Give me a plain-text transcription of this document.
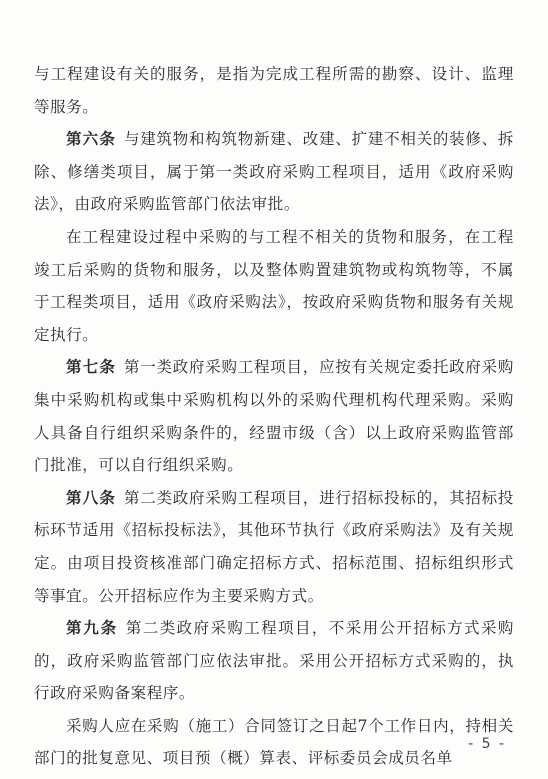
与工程建设有关的服务，是指为完成工程所需的勘察、设计、监理等服务。

第六条 与建筑物和构筑物新建、改建、扩建不相关的装修、拆除、修缮类项目，属于第一类政府采购工程项目，适用《政府采购法》，由政府采购监管部门依法审批。

在工程建设过程中采购的与工程不相关的货物和服务，在工程竣工后采购的货物和服务，以及整体购置建筑物或构筑物等，不属于工程类项目，适用《政府采购法》，按政府采购货物和服务有关规定执行。

第七条 第一类政府采购工程项目，应按有关规定委托政府采购集中采购机构或集中采购机构以外的采购代理机构代理采购。采购人具备自行组织采购条件的，经盟市级（含）以上政府采购监管部门批准，可以自行组织采购。

第八条 第二类政府采购工程项目，进行招标投标的，其招标投标环节适用《招标投标法》，其他环节执行《政府采购法》及有关规定。由项目投资核准部门确定招标方式、招标范围、招标组织形式等事宜。公开招标应作为主要采购方式。

第九条 第二类政府采购工程项目，不采用公开招标方式采购的，政府采购监管部门应依法审批。采用公开招标方式采购的，执行政府采购备案程序。

采购人应在采购（施工）合同签订之日起7个工作日内，持相关部门的批复意见、项目预（概）算表、评标委员会成员名单

- 5 -
